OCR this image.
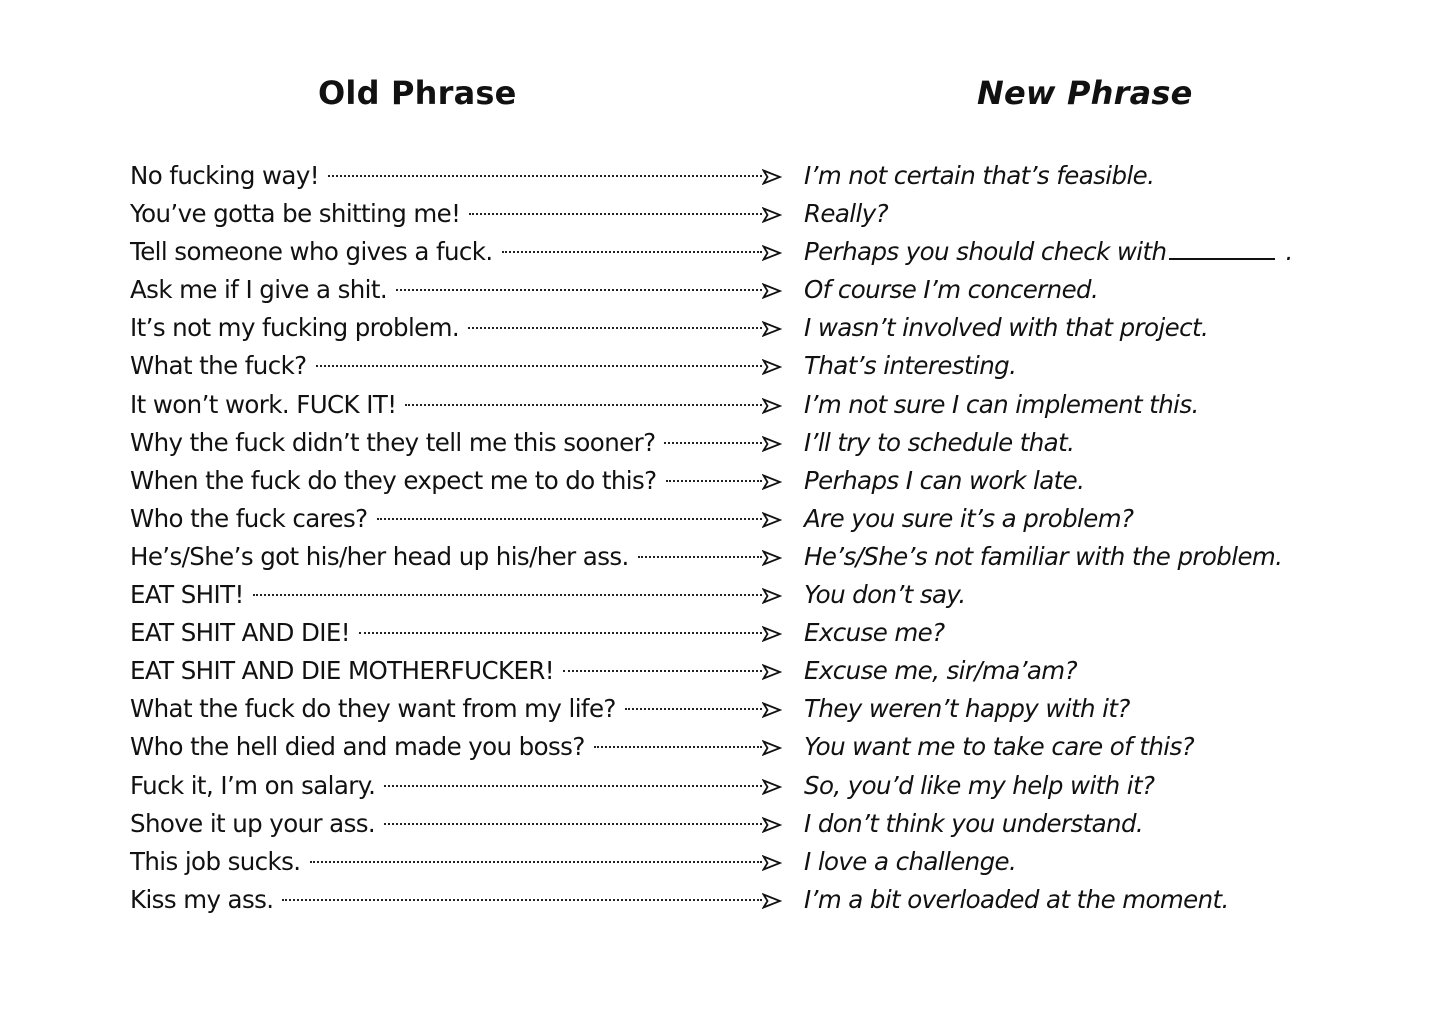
Old Phrase	New Phrase
No fucking way!	I’m not certain that’s feasible.
You’ve gotta be shitting me!	Really?
Tell someone who gives a fuck.	Perhaps you should check with	.
Ask me if I give a shit.	Of course I’m concerned.
It’s not my fucking problem.	I wasn’t involved with that project.
What the fuck?	That’s interesting.
It won’t work. FUCK IT!	I’m not sure I can implement this.
Why the fuck didn’t they tell me this sooner?	I’ll try to schedule that.
When the fuck do they expect me to do this?	Perhaps I can work late.
Who the fuck cares?	Are you sure it’s a problem?
He’s/She’s got his/her head up his/her ass.	He’s/She’s not familiar with the problem.
EAT SHIT!	You don’t say.
EAT SHIT AND DIE!	Excuse me?
EAT SHIT AND DIE MOTHERFUCKER!	Excuse me, sir/ma’am?
What the fuck do they want from my life?	They weren’t happy with it?
Who the hell died and made you boss?	You want me to take care of this?
Fuck it, I’m on salary.	So, you’d like my help with it?
Shove it up your ass.	I don’t think you understand.
This job sucks.	I love a challenge.
Kiss my ass.	I’m a bit overloaded at the moment.
